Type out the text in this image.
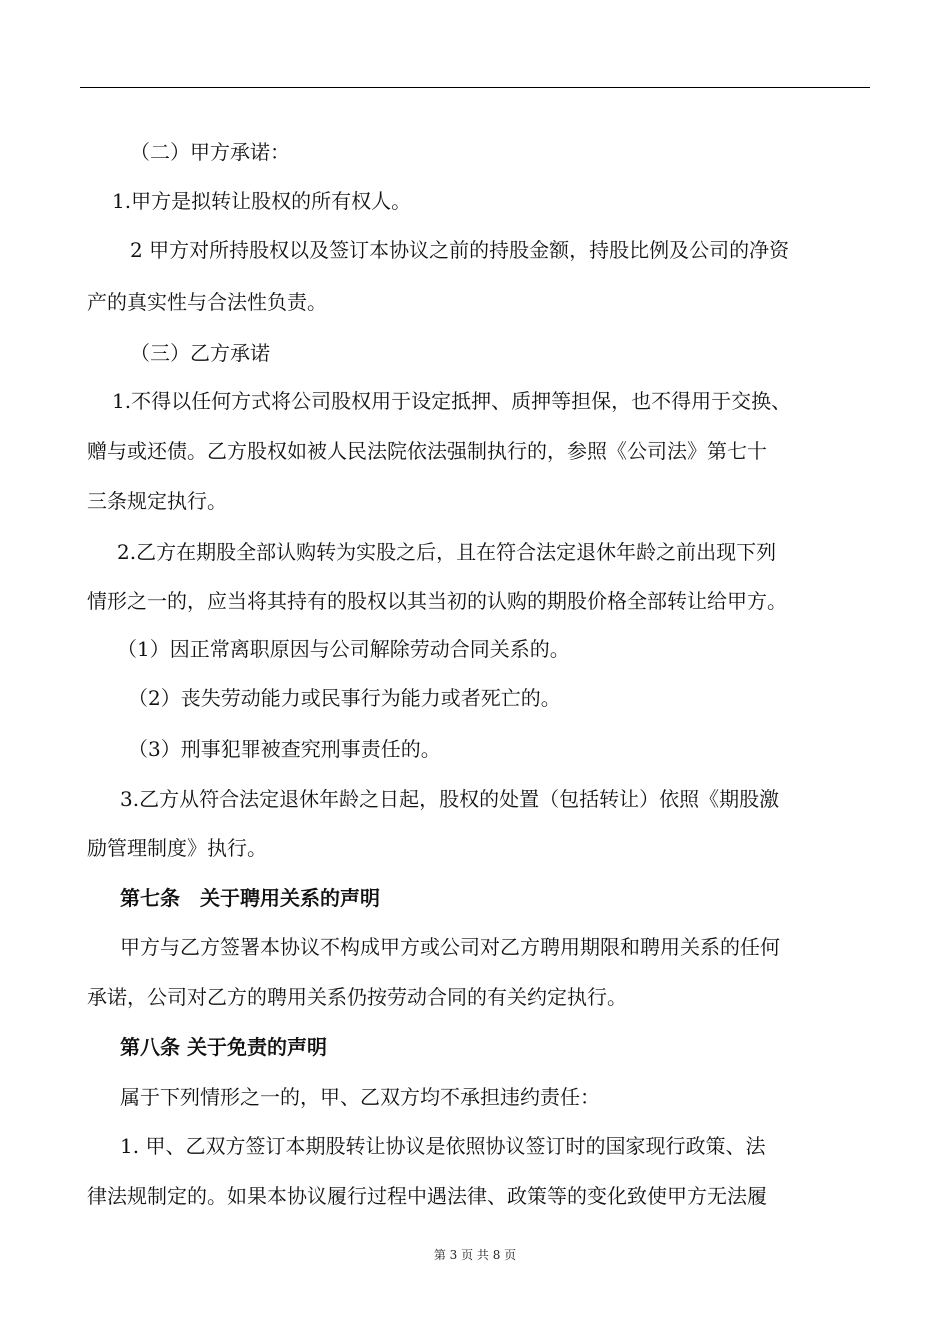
（二）甲方承诺：
1.甲方是拟转让股权的所有权人。
2 甲方对所持股权以及签订本协议之前的持股金额，持股比例及公司的净资
产的真实性与合法性负责。
（三）乙方承诺
1.不得以任何方式将公司股权用于设定抵押、质押等担保，也不得用于交换、
赠与或还债。乙方股权如被人民法院依法强制执行的，参照《公司法》第七十
三条规定执行。
2.乙方在期股全部认购转为实股之后，且在符合法定退休年龄之前出现下列
情形之一的，应当将其持有的股权以其当初的认购的期股价格全部转让给甲方。
（1）因正常离职原因与公司解除劳动合同关系的。
（2）丧失劳动能力或民事行为能力或者死亡的。
（3）刑事犯罪被查究刑事责任的。
3.乙方从符合法定退休年龄之日起，股权的处置（包括转让）依照《期股激
励管理制度》执行。
第七条　关于聘用关系的声明
甲方与乙方签署本协议不构成甲方或公司对乙方聘用期限和聘用关系的任何
承诺，公司对乙方的聘用关系仍按劳动合同的有关约定执行。
第八条 关于免责的声明
属于下列情形之一的，甲、乙双方均不承担违约责任：
1. 甲、乙双方签订本期股转让协议是依照协议签订时的国家现行政策、法
律法规制定的。如果本协议履行过程中遇法律、政策等的变化致使甲方无法履
第 3 页 共 8 页
